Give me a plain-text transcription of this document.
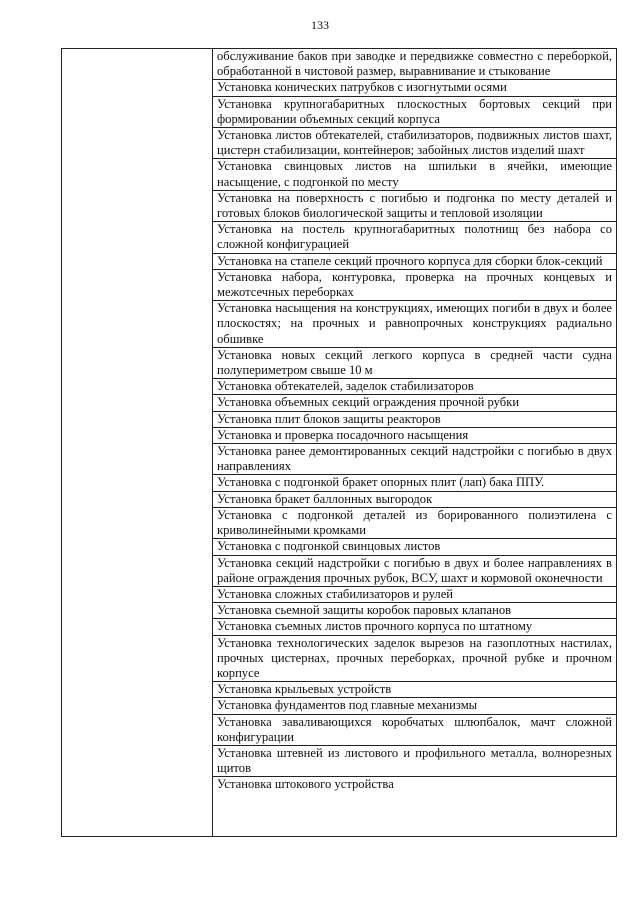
133

обслуживание баков при заводке и передвижке совместно с переборкой, обработанной в чистовой размер, выравнивание и стыкование
Установка конических патрубков с изогнутыми осями
Установка крупногабаритных плоскостных бортовых секций при формировании объемных секций корпуса
Установка листов обтекателей, стабилизаторов, подвижных листов шахт, цистерн стабилизации, контейнеров; забойных листов изделий шахт
Установка свинцовых листов на шпильки в ячейки, имеющие насыщение, с подгонкой по месту
Установка на поверхность с погибью и подгонка по месту деталей и готовых блоков биологической защиты и тепловой изоляции
Установка на постель крупногабаритных полотнищ без набора со сложной конфигурацией
Установка на стапеле секций прочного корпуса для сборки блок-секций
Установка набора, контуровка, проверка на прочных концевых и межотсечных переборках
Установка насыщения на конструкциях, имеющих погиби в двух и более плоскостях; на прочных и равнопрочных конструкциях радиально обшивке
Установка новых секций легкого корпуса в средней части судна полупериметром свыше 10 м
Установка обтекателей, заделок стабилизаторов
Установка объемных секций ограждения прочной рубки
Установка плит блоков защиты реакторов
Установка и проверка посадочного насыщения
Установка ранее демонтированных секций надстройки с погибью в двух направлениях
Установка с подгонкой бракет опорных плит (лап) бака ППУ.
Установка бракет баллонных выгородок
Установка с подгонкой деталей из борированного полиэтилена с криволинейными кромками
Установка с подгонкой свинцовых листов
Установка секций надстройки с погибью в двух и более направлениях в районе ограждения прочных рубок, ВСУ, шахт и кормовой оконечности
Установка сложных стабилизаторов и рулей
Установка сьемной защиты коробок паровых клапанов
Установка съемных листов прочного корпуса по штатному
Установка технологических заделок вырезов на газоплотных настилах, прочных цистернах, прочных переборках, прочной рубке и прочном корпусе
Установка крыльевых устройств
Установка фундаментов под главные механизмы
Установка заваливающихся коробчатых шлюпбалок, мачт сложной конфигурации
Установка штевней из листового и профильного металла, волнорезных щитов
Установка штокового устройства
